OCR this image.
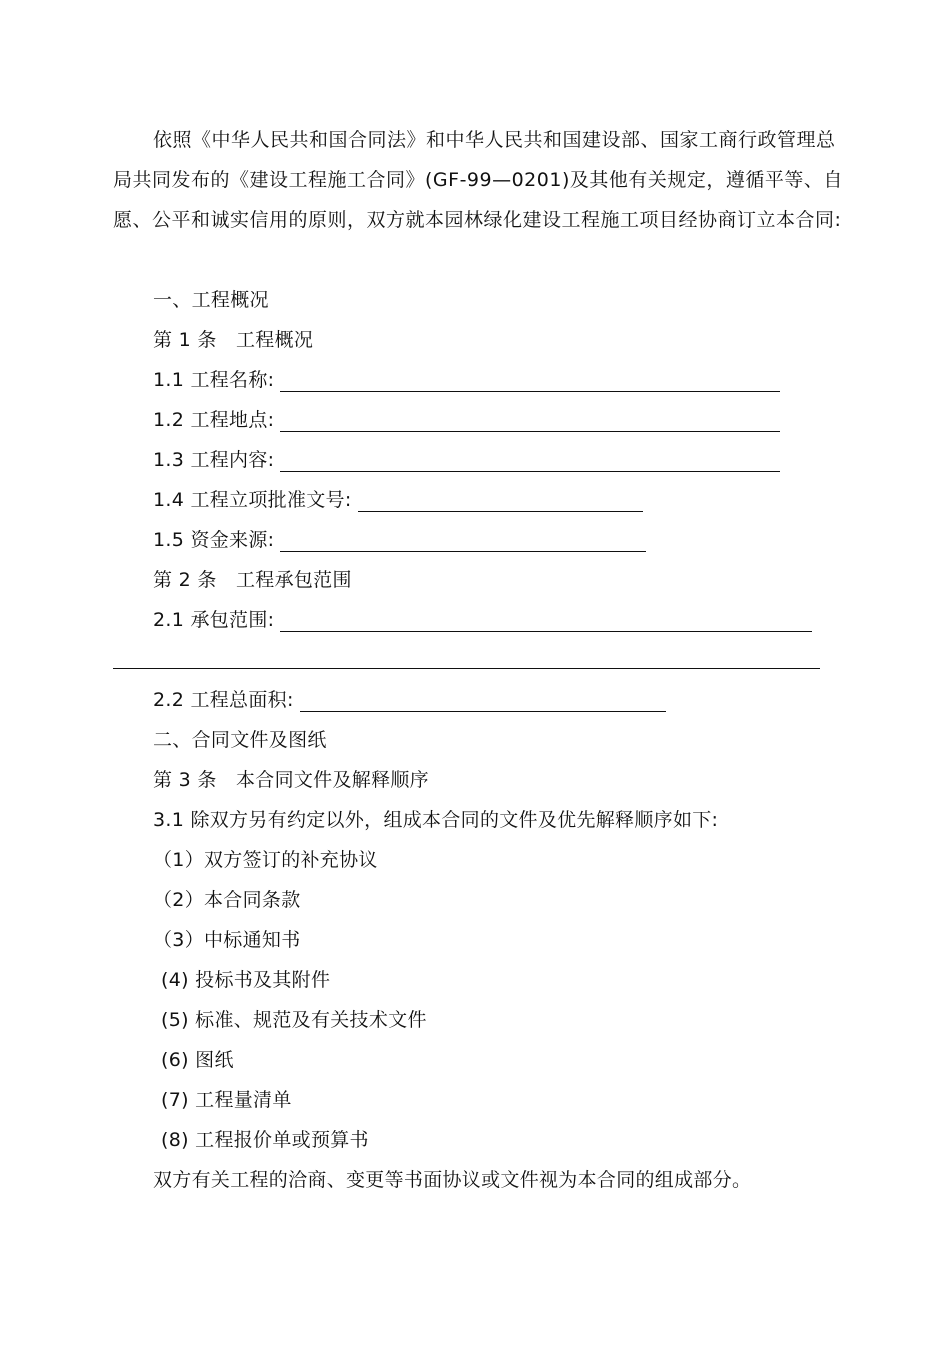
依照《中华人民共和国合同法》和中华人民共和国建设部、国家工商行政管理总局共同发布的《建设工程施工合同》(GF-99—0201)及其他有关规定，遵循平等、自愿、公平和诚实信用的原则，双方就本园林绿化建设工程施工项目经协商订立本合同:
一、工程概况
第 1 条　工程概况
1.1 工程名称:
1.2 工程地点:
1.3 工程内容:
1.4 工程立项批准文号:
1.5 资金来源:
第 2 条　工程承包范围
2.1 承包范围:
2.2 工程总面积:
二、合同文件及图纸
第 3 条　本合同文件及解释顺序
3.1 除双方另有约定以外，组成本合同的文件及优先解释顺序如下:
（1）双方签订的补充协议
（2）本合同条款
（3）中标通知书
(4) 投标书及其附件
(5) 标准、规范及有关技术文件
(6) 图纸
(7) 工程量清单
(8) 工程报价单或预算书
双方有关工程的洽商、变更等书面协议或文件视为本合同的组成部分。
